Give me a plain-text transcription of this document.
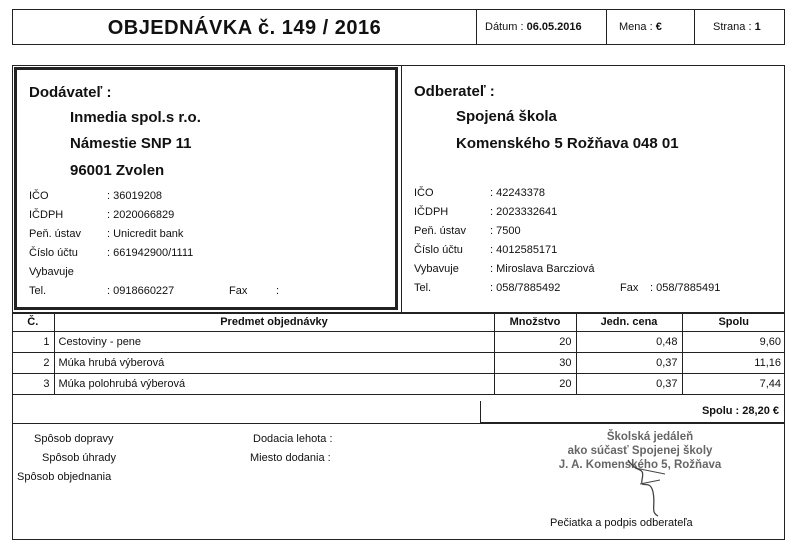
OBJEDNÁVKA č. 149 / 2016	Dátum : 06.05.2016	Mena : €	Strana : 1
Dodávateľ :
Inmedia spol.s r.o.
Námestie SNP 11
96001 Zvolen
IČO	: 36019208
IČDPH	: 2020066829
Peň. ústav : Unicredit bank
Číslo účtu	: 661942900/1111
Vybavuje
Tel.	: 0918660227	Fax	:
Odberateľ :
Spojená škola
Komenského 5 Rožňava 048 01
IČO	: 42243378
IČDPH	: 2023332641
Peň. ústav : 7500
Číslo účtu : 4012585171
Vybavuje	: Miroslava Barcziová
Tel.	: 058/7885492	Fax : 058/7885491
Č.	Predmet objednávky	Množstvo	Jedn. cena	Spolu
1	Cestoviny - pene	20	0,48	9,60
2	Múka hrubá výberová	30	0,37	11,16
3	Múka polohrubá výberová	20	0,37	7,44
Spolu : 28,20 €
Spôsob dopravy
Spôsob úhrady
Spôsob objednania
Dodacia lehota :
Miesto dodania :
Školská jedáleň
ako súčasť Spojenej školy
J. A. Komenského 5, Rožňava
Pečiatka a podpis odberateľa
